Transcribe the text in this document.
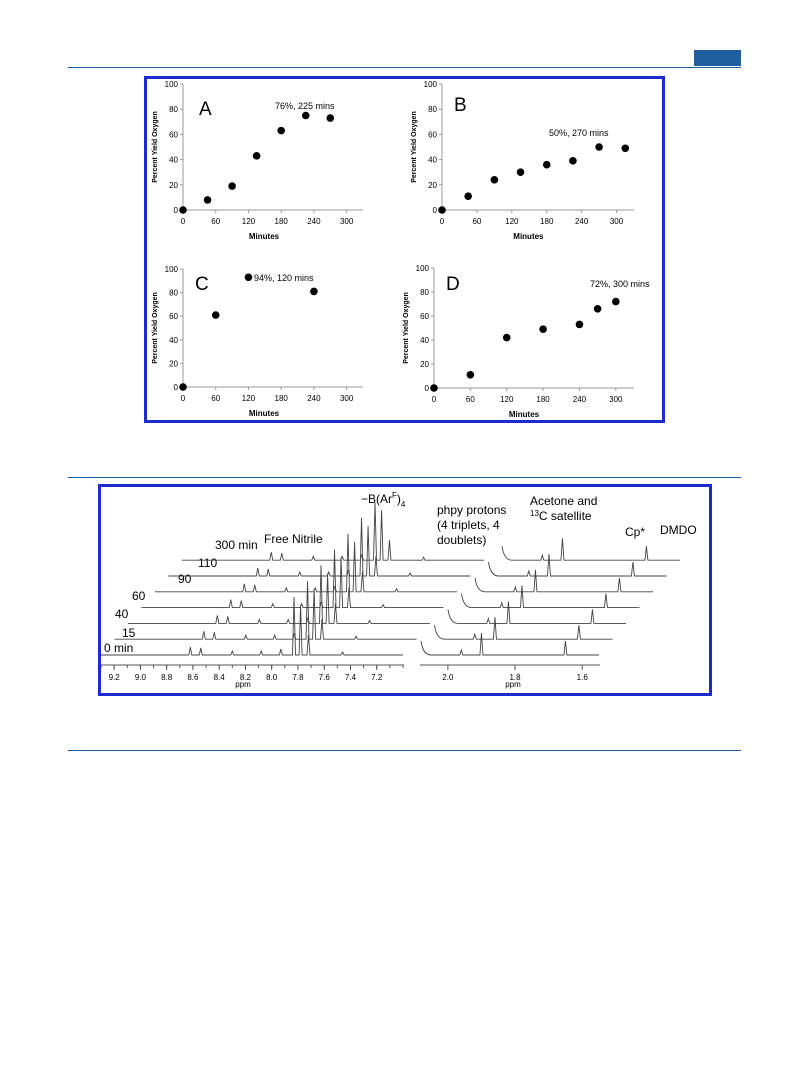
0	60	120 180 240 300
0
20
40
60
80
100
Minutes
Percent Yield Oxygen
A	76%, 225 mins
0	60	120	180	240	300
0
20
40
60
80
100
Minutes
Percent Yield Oxygen
B
50%, 270 mins
0	60	120 180 240 300
0
20
40
60
80
100
Minutes
Percent Yield Oxygen
C	94%, 120 mins
0	60	120	180	240	300
0
20
40
60
80
100
Minutes
Percent Yield Oxygen
D	72%, 300 mins
Free Nitrile
$-B(Ar^F)_4$	phpy protons
(4 triplets, 4
doublets)
Acetone and
$^{13}$C satellite
Cp* DMDO
0 min
15
40
60
90
110
300 min
9.2 9.0 8.8 8.6 8.4 8.2 8.0 7.8 7.6 7.4 7.2	2.0	1.8	1.6
ppm	ppm
